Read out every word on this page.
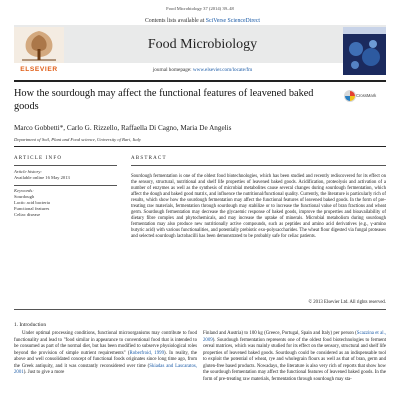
Food Microbiology 37 (2014) 39–48
Contents lists available at SciVerse ScienceDirect
ELSEVIER
Food Microbiology
journal homepage: www.elsevier.com/locate/fm
How the sourdough may affect the functional features of leavened baked goods
CrossMark
Marco Gobbetti*, Carlo G. Rizzello, Raffaella Di Cagno, Maria De Angelis
Department of Soil, Plant and Food science, University of Bari, Italy
ARTICLE INFO
Article history:
Available online 16 May 2013
Keywords:
Sourdough
Lactic acid bacteria
Functional features
Celiac disease
ABSTRACT
Sourdough fermentation is one of the oldest food biotechnologies, which has been studied and recently rediscovered for its effect on the sensory, structural, nutritional and shelf life properties of leavened baked goods. Acidification, proteolysis and activation of a number of enzymes as well as the synthesis of microbial metabolites cause several changes during sourdough fermentation, which affect the dough and baked good matrix, and influence the nutritional/functional quality. Currently, the literature is particularly rich of results, which show how the sourdough fermentation may affect the functional features of leavened baked goods. In the form of pre-treating raw materials, fermentation through sourdough may stabilize or to increase the functional value of bran fractions and wheat germ. Sourdough fermentation may decrease the glycaemic response of baked goods, improve the properties and bioavailability of dietary fibre complex and phytochemicals, and may increase the uptake of minerals. Microbial metabolism during sourdough fermentation may also produce new nutritionally active compounds, such as peptides and amino acid derivatives (e.g., γ-amino butyric acid) with various functionalities, and potentially prebiotic exo-polysaccharides. The wheat flour digested via fungal proteases and selected sourdough lactobacilli has been demonstrated to be probably safe for celiac patients.
© 2013 Elsevier Ltd. All rights reserved.
1. Introduction
Under optimal processing conditions, functional microorganisms may contribute to food functionality and lead to "food similar in appearance to conventional food that is intended to be consumed as part of the normal diet, but has been modified to subserve physiological roles beyond the provision of simple nutrient requirements" (Roberfroid, 1999). In reality, the above and well consolidated concept of functional foods originates since long time ago, from the Greek antiquity, and it was constantly reconsidered over time (Skiadas and Lascaratos, 2001). Just to give a more
Finland and Austria) to 100 kg (Greece, Portugal, Spain and Italy) per person (Scazzina et al., 2009). Sourdough fermentation represents one of the oldest food biotechnologies to ferment cereal matrices, which was mainly studied for its effect on the sensory, structural and shelf life properties of leavened baked goods. Sourdough could be considered as an indispensable tool to exploit the potential of wheat, rye and wholegrain flours as well as that of bran, germ and gluten-free based products. Nowadays, the literature is also very rich of reports that show how the sourdough fermentation may affect the functional features of leavened baked goods. In the form of pre-treating raw materials, fermentation through sourdough may sta-
